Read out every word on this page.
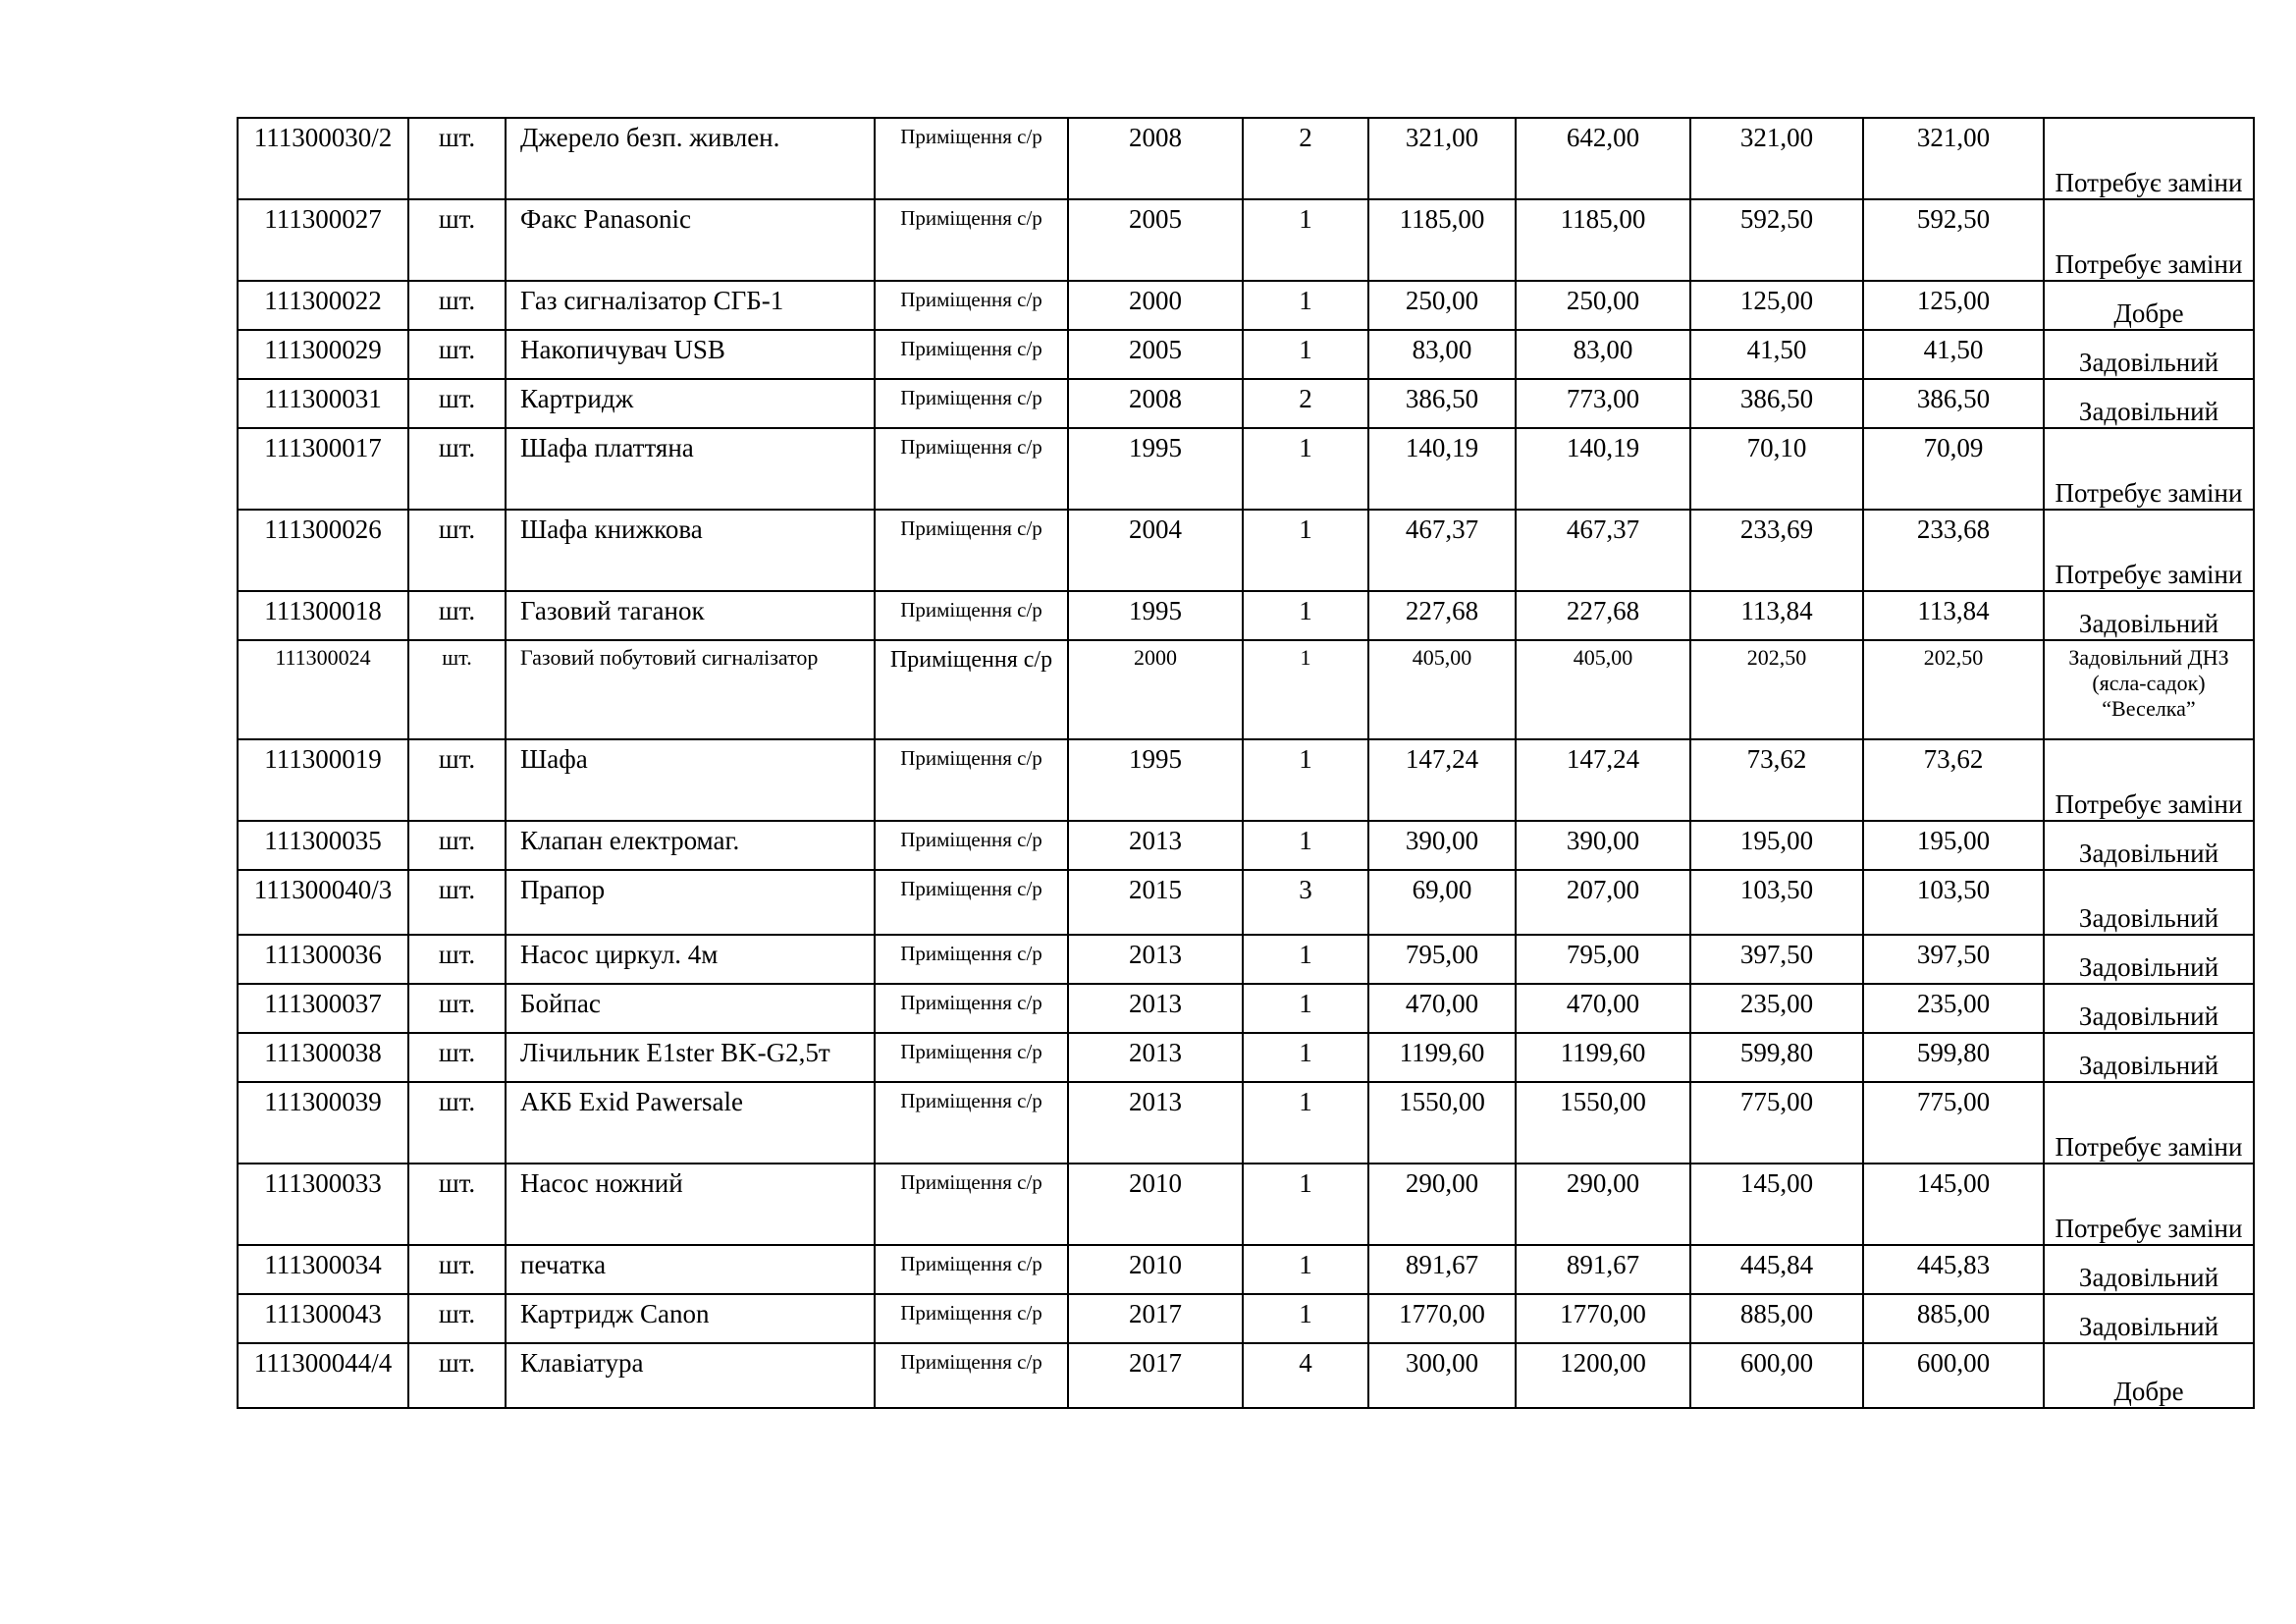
111300030/2	шт.	Джерело безп. живлен.	Приміщення с/р	2008	2	321,00	642,00	321,00	321,00	Потребує заміни
111300027	шт.	Факс Panasonic	Приміщення с/р	2005	1	1185,00	1185,00	592,50	592,50	Потребує заміни
111300022	шт.	Газ сигналізатор СГБ-1	Приміщення с/р	2000	1	250,00	250,00	125,00	125,00	Добре
111300029	шт.	Накопичувач USB	Приміщення с/р	2005	1	83,00	83,00	41,50	41,50	Задовільний
111300031	шт.	Картридж	Приміщення с/р	2008	2	386,50	773,00	386,50	386,50	Задовільний
111300017	шт.	Шафа платтяна	Приміщення с/р	1995	1	140,19	140,19	70,10	70,09	Потребує заміни
111300026	шт.	Шафа книжкова	Приміщення с/р	2004	1	467,37	467,37	233,69	233,68	Потребує заміни
111300018	шт.	Газовий таганок	Приміщення с/р	1995	1	227,68	227,68	113,84	113,84	Задовільний
111300024	шт.	Газовий побутовий сигналізатор	Приміщення с/р	2000	1	405,00	405,00	202,50	202,50	Задовільний ДНЗ (ясла-садок) “Веселка”
111300019	шт.	Шафа	Приміщення с/р	1995	1	147,24	147,24	73,62	73,62	Потребує заміни
111300035	шт.	Клапан електромаг.	Приміщення с/р	2013	1	390,00	390,00	195,00	195,00	Задовільний
111300040/3	шт.	Прапор	Приміщення с/р	2015	3	69,00	207,00	103,50	103,50	Задовільний
111300036	шт.	Насос циркул. 4м	Приміщення с/р	2013	1	795,00	795,00	397,50	397,50	Задовільний
111300037	шт.	Бойпас	Приміщення с/р	2013	1	470,00	470,00	235,00	235,00	Задовільний
111300038	шт.	Лічильник E1ster BK-G2,5т	Приміщення с/р	2013	1	1199,60	1199,60	599,80	599,80	Задовільний
111300039	шт.	АКБ Exid Pawersale	Приміщення с/р	2013	1	1550,00	1550,00	775,00	775,00	Потребує заміни
111300033	шт.	Насос ножний	Приміщення с/р	2010	1	290,00	290,00	145,00	145,00	Потребує заміни
111300034	шт.	печатка	Приміщення с/р	2010	1	891,67	891,67	445,84	445,83	Задовільний
111300043	шт.	Картридж Canon	Приміщення с/р	2017	1	1770,00	1770,00	885,00	885,00	Задовільний
111300044/4	шт.	Клавіатура	Приміщення с/р	2017	4	300,00	1200,00	600,00	600,00	Добре
